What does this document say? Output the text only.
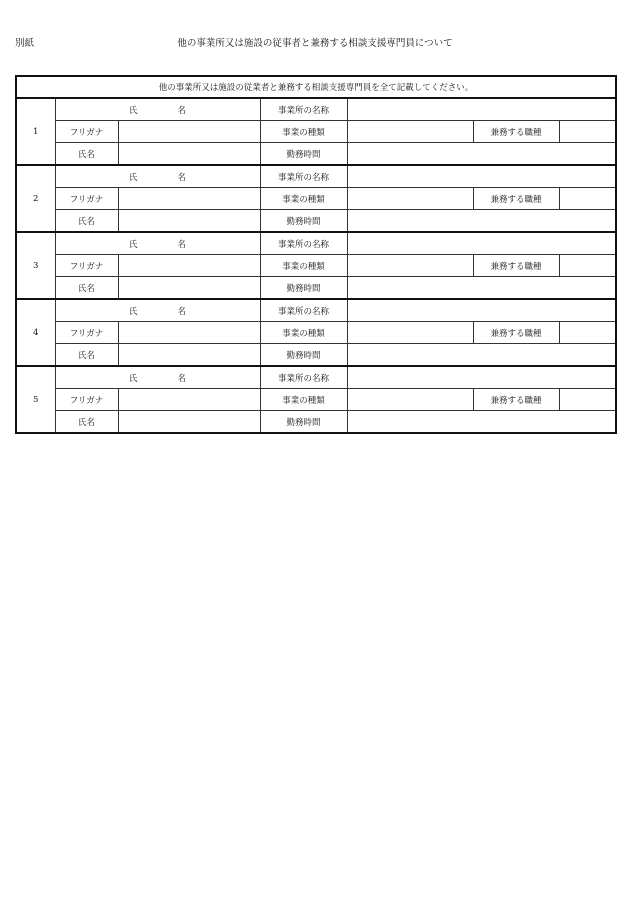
別紙	他の事業所又は施設の従事者と兼務する相談支援専門員について
他の事業所又は施設の従業者と兼務する相談支援専門員を全て記載してください。						
1	氏 名		事業所の名称			
	フリガナ		事業の種類		兼務する職種	
	氏名		勤務時間			
2	氏 名		事業所の名称			
	フリガナ		事業の種類		兼務する職種	
	氏名		勤務時間			
3	氏 名		事業所の名称			
	フリガナ		事業の種類		兼務する職種	
	氏名		勤務時間			
4	氏 名		事業所の名称			
	フリガナ		事業の種類		兼務する職種	
	氏名		勤務時間			
5	氏 名		事業所の名称			
	フリガナ		事業の種類		兼務する職種	
	氏名		勤務時間			
